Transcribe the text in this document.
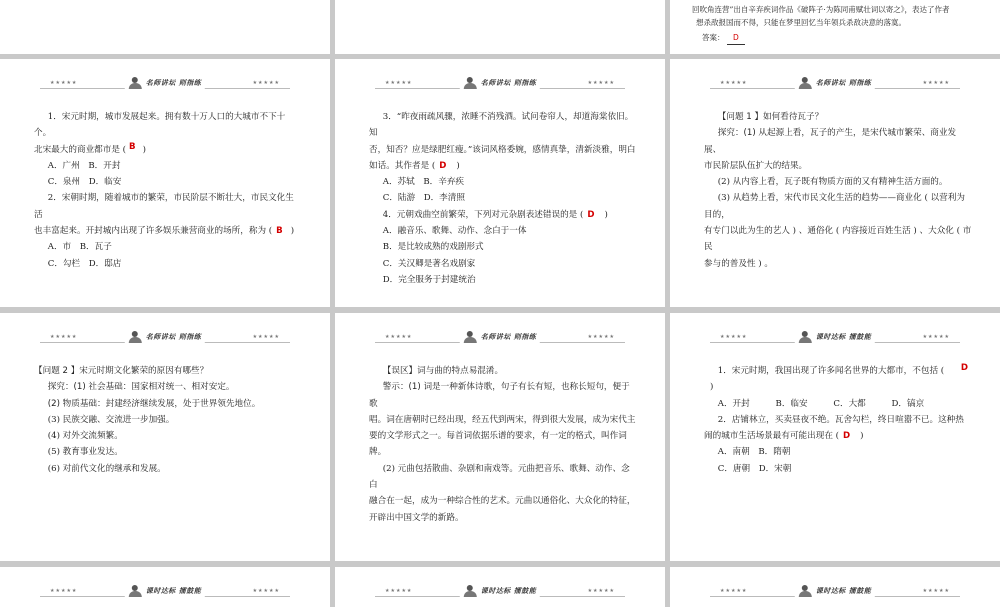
回吹角连营”出自辛弃疾词作品《破阵子·为陈同甫赋壮词以寄之》，表达了作者
想杀敌报国而不得，只能在梦里回忆当年领兵杀敌决意的落寞。
答案： D
★★★★★	★★★★★
名师讲坛 则指练

1．宋元时期，城市发展起来。拥有数十万人口的大城市不下十个。

北宋最大的商业都市是 ( B )

A．广州　B．开封

C．泉州　D．临安

2．宋朝时期，随着城市的繁荣，市民阶层不断壮大，市民文化生活

也丰富起来。开封城内出现了许多娱乐兼营商业的场所，称为 ( B )

A．市　B．瓦子

C．勾栏　D．邸店

★★★★★	★★★★★
名师讲坛 则指练

3．“昨夜雨疏风骤，浓睡不消残酒。试问卷帘人，却道海棠依旧。知

否，知否？应是绿肥红瘦。”该词风格委婉，感情真挚，清新淡雅，明白

如话。其作者是 ( D )

A．苏轼　B．辛弃疾

C．陆游　D．李清照

4．元朝戏曲空前繁荣，下列对元杂剧表述错误的是 ( D )

A．融音乐、歌舞、动作、念白于一体

B．是比较成熟的戏剧形式

C．关汉卿是著名戏剧家

D．完全服务于封建统治

★★★★★	★★★★★
名师讲坛 则指练

【问题 1 】如何看待瓦子？

探究：(1) 从起源上看，瓦子的产生，是宋代城市繁荣、商业发展、

市民阶层队伍扩大的结果。

(2) 从内容上看，瓦子既有物质方面的又有精神生活方面的。

(3) 从趋势上看，宋代市民文化生活的趋势——商业化 ( 以营利为目的，

有专门以此为生的艺人 ) 、通俗化 ( 内容接近百姓生活 ) 、大众化 ( 市民

参与的普及性 ) 。

★★★★★	★★★★★
名师讲坛 则指练

【问题 2 】宋元时期文化繁荣的原因有哪些？

探究：(1) 社会基础：国家相对统一、相对安定。

(2) 物质基础：封建经济继续发展，处于世界领先地位。

(3) 民族交融、交流进一步加强。

(4) 对外交流频繁。

(5) 教育事业发达。

(6) 对前代文化的继承和发展。

★★★★★	★★★★★
名师讲坛 则指练

【误区】词与曲的特点易混淆。

警示：(1) 词是一种新体诗歌，句子有长有短，也称长短句，便于歌

唱。词在唐朝时已经出现，经五代到两宋，得到很大发展，成为宋代主

要的文学形式之一。每首词依据乐谱的要求，有一定的格式，叫作词牌。

(2) 元曲包括散曲、杂剧和南戏等。元曲把音乐、歌舞、动作、念白

融合在一起，成为一种综合性的艺术。元曲以通俗化、大众化的特征，

开辟出中国文学的新路。

★★★★★	★★★★★
课时达标 擂鼓能

1．宋元时期，我国出现了许多闻名世界的大都市，不包括 ( D)

A．开封　　　B．临安　　　C．大都　　　D．镐京

2．店铺林立，买卖昼夜不绝。瓦舍勾栏，终日喧嚣不已。这种热

闹的城市生活场景最有可能出现在 ( D )

A．南朝　B．隋朝

C．唐朝　D．宋朝

★★★★★	★★★★★
课时达标 擂鼓能	★★★★★	★★★★★
课时达标 擂鼓能	★★★★★	★★★★★
课时达标 擂鼓能
